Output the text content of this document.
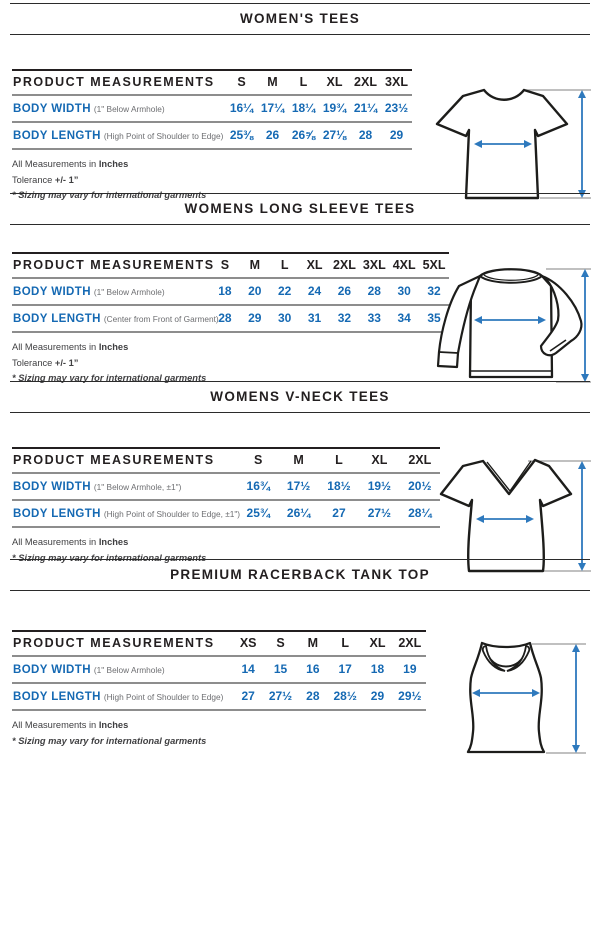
WOMEN'S TEES
PRODUCT MEASUREMENTS	S	M	L	XL	2XL	3XL
BODY WIDTH (1" Below Armhole)	16¼	17¼	18¼	19¾	21¼	23½
BODY LENGTH (High Point of Shoulder to Edge)	25⅜	26	26⅝	27⅛	28	29
All Measurements in Inches
Tolerance +/- 1”
* Sizing may vary for international garments
WOMENS LONG SLEEVE TEES
PRODUCT MEASUREMENTS	S	M	L	XL	2XL	3XL	4XL	5XL
BODY WIDTH (1" Below Armhole)	18	20	22	24	26	28	30	32
BODY LENGTH (Center from Front of Garment)	28	29	30	31	32	33	34	35
All Measurements in Inches
Tolerance +/- 1”
* Sizing may vary for international garments
WOMENS V-NECK TEES
PRODUCT MEASUREMENTS	S	M	L	XL	2XL
BODY WIDTH (1" Below Armhole, ±1")	16¾	17½	18½	19½	20½
BODY LENGTH (High Point of Shoulder to Edge, ±1")	25¾	26¼	27	27½	28¼
All Measurements in Inches
* Sizing may vary for international garments
PREMIUM RACERBACK TANK TOP
PRODUCT MEASUREMENTS	XS	S	M	L	XL	2XL
BODY WIDTH (1" Below Armhole)	14	15	16	17	18	19
BODY LENGTH (High Point of Shoulder to Edge)	27	27½	28	28½	29	29½
All Measurements in Inches
* Sizing may vary for international garments
